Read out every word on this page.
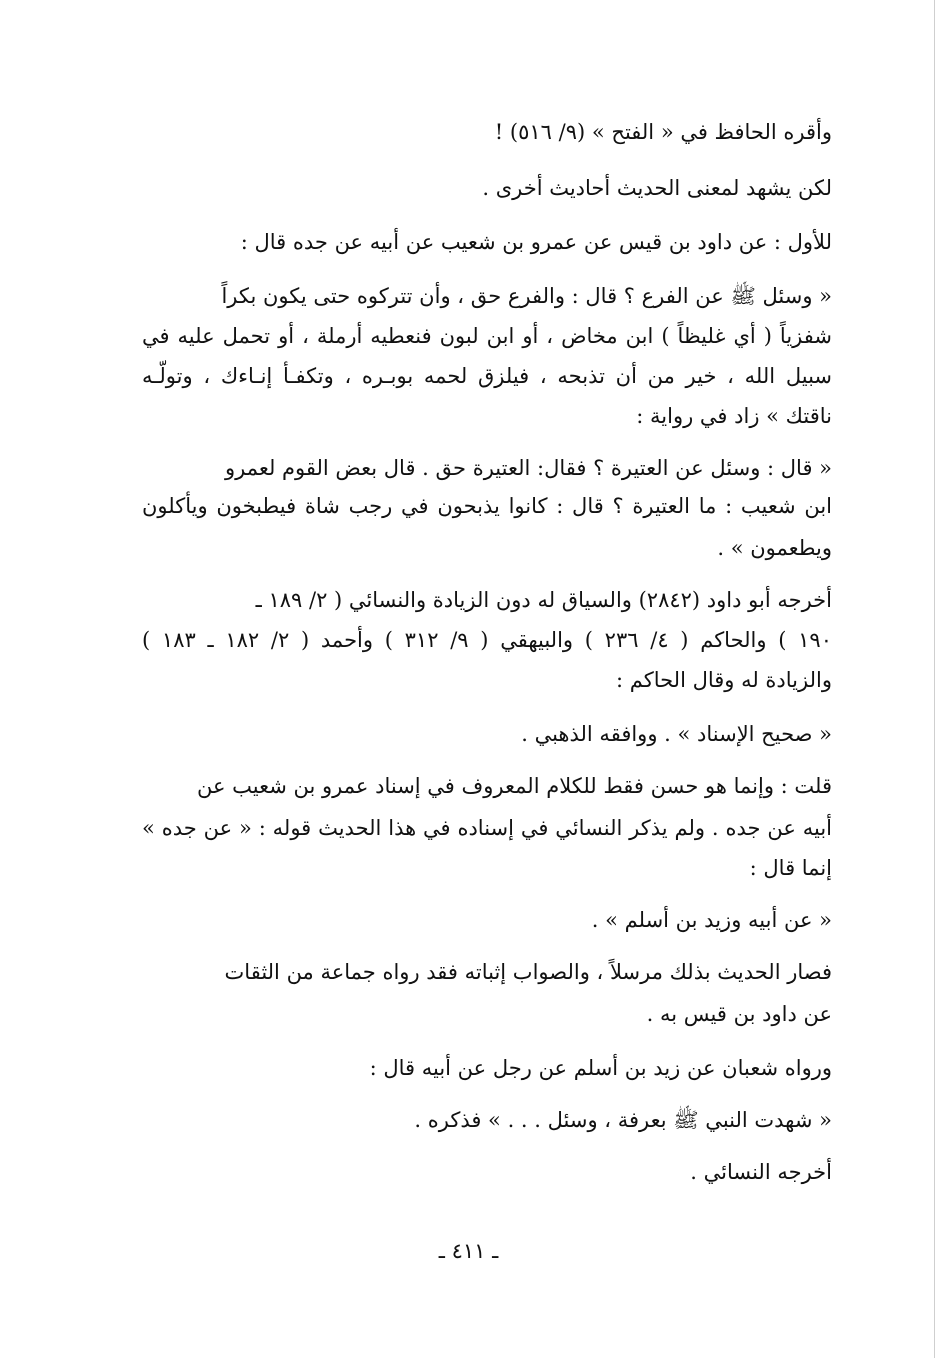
وأقره الحافظ في « الفتح » (٩/ ٥١٦) !
لكن يشهد لمعنى الحديث أحاديث أخرى .
للأول : عن داود بن قيس عن عمرو بن شعيب عن أبيه عن جده قال :
« وسئل ﷺ عن الفرع ؟ قال : والفرع حق ، وأن تتركوه حتى يكون بكراً
شفزياً ( أي غليظاً ) ابن مخاض ، أو ابن لبون فنعطيه أرملة ، أو تحمل عليه في
سبيل الله ، خير من أن تذبحه ، فيلزق لحمه بوبـره ، وتكفـأ إنـاءك ، وتولّـه
ناقتك » زاد في رواية :
« قال : وسئل عن العتيرة ؟ فقال: العتيرة حق . قال بعض القوم لعمرو
ابن شعيب : ما العتيرة ؟ قال : كانوا يذبحون في رجب شاة فيطبخون ويأكلون
ويطعمون » .
أخرجه أبو داود (٢٨٤٢) والسياق له دون الزيادة والنسائي ( ٢/ ١٨٩ ـ
١٩٠ ) والحاكم ( ٤/ ٢٣٦ ) والبيهقي ( ٩/ ٣١٢ ) وأحمد ( ٢/ ١٨٢ ـ ١٨٣ )
والزيادة له وقال الحاكم :
« صحيح الإسناد » . ووافقه الذهبي .
قلت : وإنما هو حسن فقط للكلام المعروف في إسناد عمرو بن شعيب عن
أبيه عن جده . ولم يذكر النسائي في إسناده في هذا الحديث قوله : « عن جده »
إنما قال :
« عن أبيه وزيد بن أسلم » .
فصار الحديث بذلك مرسلاً ، والصواب إثباته فقد رواه جماعة من الثقات
عن داود بن قيس به .
ورواه شعبان عن زيد بن أسلم عن رجل عن أبيه قال :
« شهدت النبي ﷺ بعرفة ، وسئل . . . » فذكره .
أخرجه النسائي .
ـ ٤١١ ـ
